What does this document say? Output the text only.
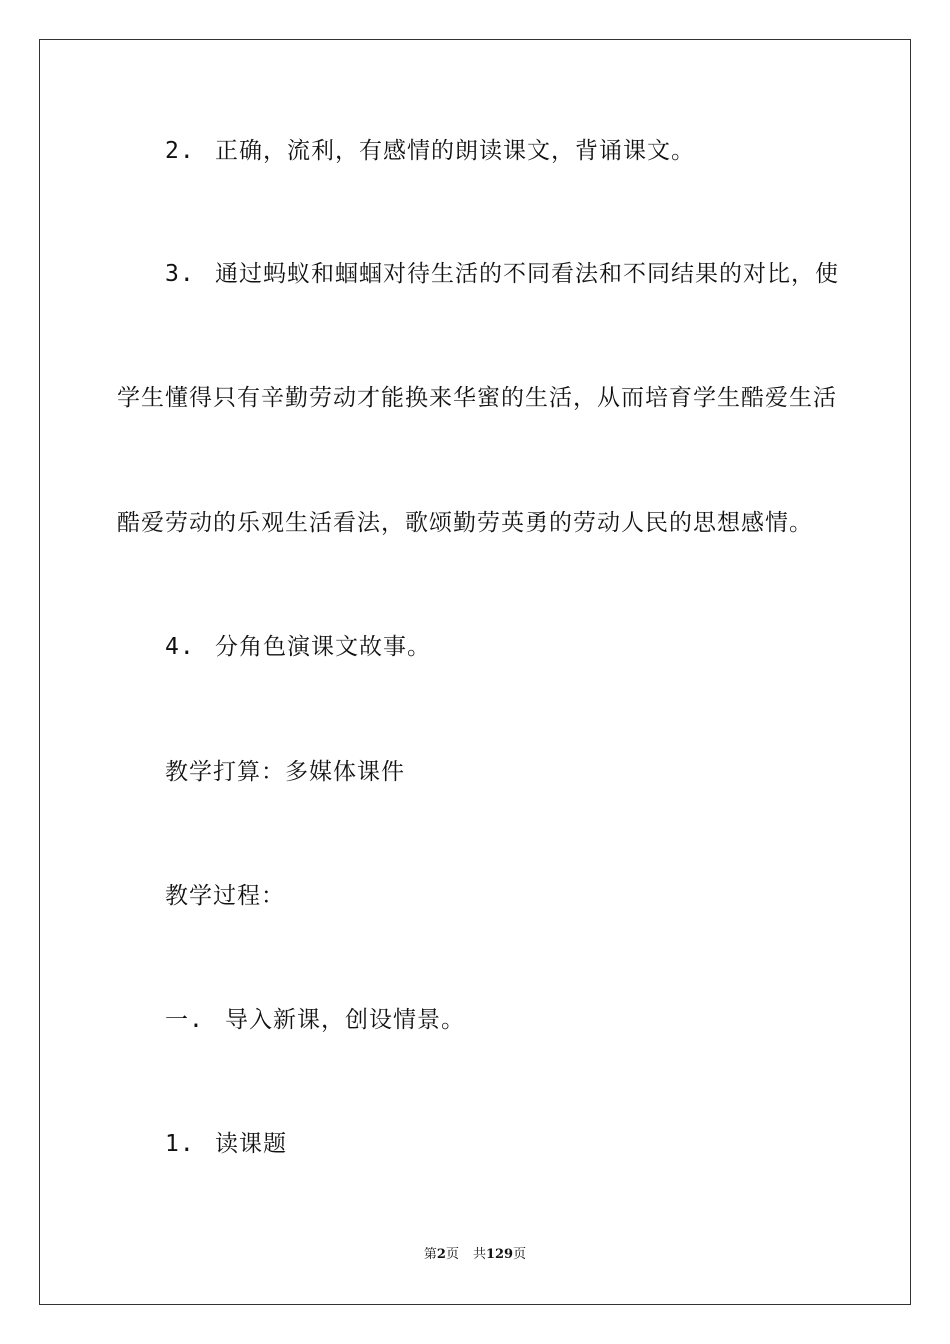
2. 正确，流利，有感情的朗读课文，背诵课文。
3. 通过蚂蚁和蝈蝈对待生活的不同看法和不同结果的对比，使
学生懂得只有辛勤劳动才能换来华蜜的生活，从而培育学生酷爱生活
酷爱劳动的乐观生活看法，歌颂勤劳英勇的劳动人民的思想感情。
4. 分角色演课文故事。
教学打算：多媒体课件
教学过程：
一. 导入新课，创设情景。
1. 读课题
第2页 共129页
